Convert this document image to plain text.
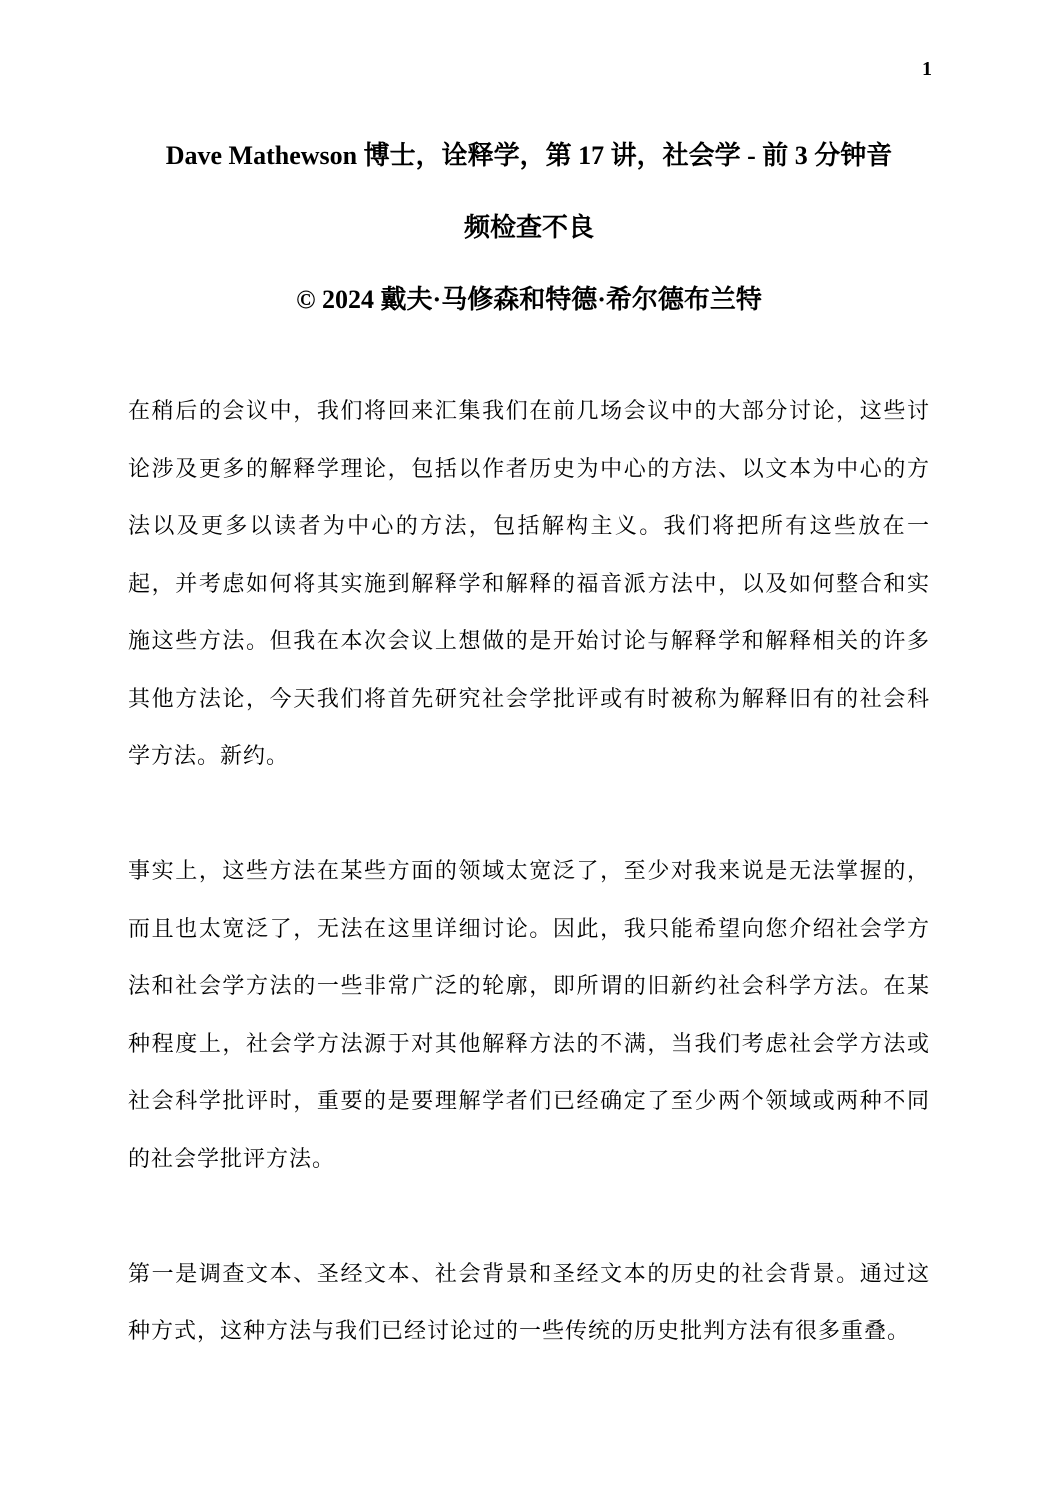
1
Dave Mathewson 博士，诠释学，第 17 讲，社会学 - 前 3 分钟音
频检查不良
© 2024 戴夫·马修森和特德·希尔德布兰特

在稍后的会议中，我们将回来汇集我们在前几场会议中的大部分讨论，这些讨论涉及更多的解释学理论，包括以作者历史为中心的方法、以文本为中心的方法以及更多以读者为中心的方法，包括解构主义。我们将把所有这些放在一起，并考虑如何将其实施到解释学和解释的福音派方法中，以及如何整合和实施这些方法。但我在本次会议上想做的是开始讨论与解释学和解释相关的许多其他方法论，今天我们将首先研究社会学批评或有时被称为解释旧有的社会科学方法。新约。

事实上，这些方法在某些方面的领域太宽泛了，至少对我来说是无法掌握的，而且也太宽泛了，无法在这里详细讨论。因此，我只能希望向您介绍社会学方法和社会学方法的一些非常广泛的轮廓，即所谓的旧新约社会科学方法。在某种程度上，社会学方法源于对其他解释方法的不满，当我们考虑社会学方法或社会科学批评时，重要的是要理解学者们已经确定了至少两个领域或两种不同的社会学批评方法。

第一是调查文本、圣经文本、社会背景和圣经文本的历史的社会背景。通过这种方式，这种方法与我们已经讨论过的一些传统的历史批判方法有很多重叠。
